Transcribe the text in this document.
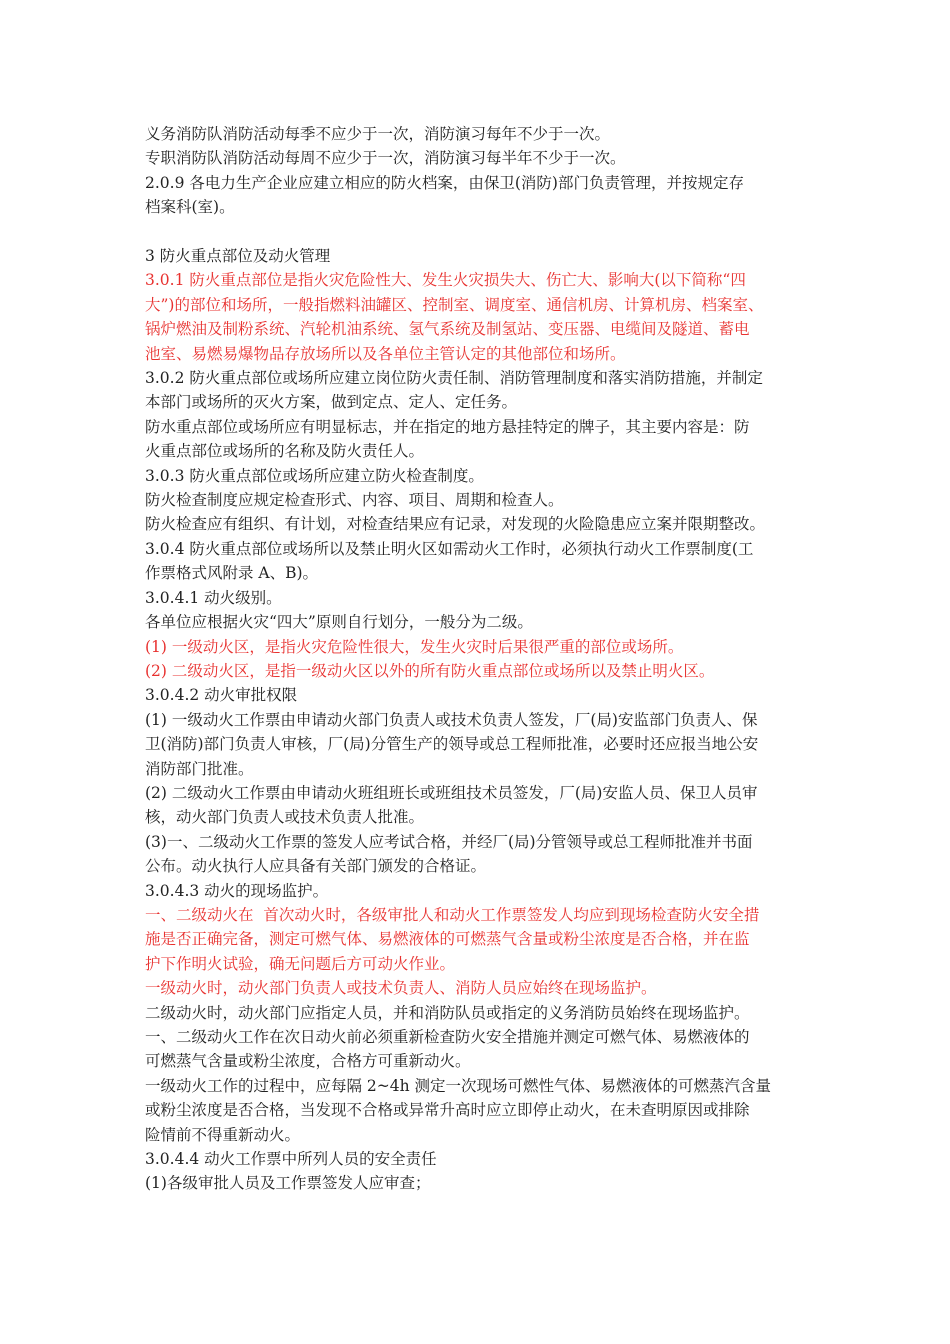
义务消防队消防活动每季不应少于一次，消防演习每年不少于一次。
专职消防队消防活动每周不应少于一次，消防演习每半年不少于一次。
2.0.9 各电力生产企业应建立相应的防火档案，由保卫(消防)部门负责管理，并按规定存
档案科(室)。
3 防火重点部位及动火管理
3.0.1 防火重点部位是指火灾危险性大、发生火灾损失大、伤亡大、影响大(以下简称“四
大”)的部位和场所，一般指燃料油罐区、控制室、调度室、通信机房、计算机房、档案室、
锅炉燃油及制粉系统、汽轮机油系统、氢气系统及制氢站、变压器、电缆间及隧道、蓄电
池室、易燃易爆物品存放场所以及各单位主管认定的其他部位和场所。
3.0.2 防火重点部位或场所应建立岗位防火责任制、消防管理制度和落实消防措施，并制定
本部门或场所的灭火方案，做到定点、定人、定任务。
防水重点部位或场所应有明显标志，并在指定的地方悬挂特定的牌子，其主要内容是：防
火重点部位或场所的名称及防火责任人。
3.0.3 防火重点部位或场所应建立防火检查制度。
防火检查制度应规定检查形式、内容、项目、周期和检查人。
防火检查应有组织、有计划，对检查结果应有记录，对发现的火险隐患应立案并限期整改。
3.0.4 防火重点部位或场所以及禁止明火区如需动火工作时，必须执行动火工作票制度(工
作票格式风附录 A、B)。
3.0.4.1 动火级别。
各单位应根据火灾“四大”原则自行划分，一般分为二级。
(1) 一级动火区，是指火灾危险性很大，发生火灾时后果很严重的部位或场所。
(2) 二级动火区，是指一级动火区以外的所有防火重点部位或场所以及禁止明火区。
3.0.4.2 动火审批权限
(1) 一级动火工作票由申请动火部门负责人或技术负责人签发，厂(局)安监部门负责人、保
卫(消防)部门负责人审核，厂(局)分管生产的领导或总工程师批准，必要时还应报当地公安
消防部门批准。
(2) 二级动火工作票由申请动火班组班长或班组技术员签发，厂(局)安监人员、保卫人员审
核，动火部门负责人或技术负责人批准。
(3)一、二级动火工作票的签发人应考试合格，并经厂(局)分管领导或总工程师批准并书面
公布。动火执行人应具备有关部门颁发的合格证。
3.0.4.3 动火的现场监护。
一、二级动火在  首次动火时，各级审批人和动火工作票签发人均应到现场检查防火安全措
施是否正确完备，测定可燃气体、易燃液体的可燃蒸气含量或粉尘浓度是否合格，并在监
护下作明火试验，确无问题后方可动火作业。
一级动火时，动火部门负责人或技术负责人、消防人员应始终在现场监护。
二级动火时，动火部门应指定人员，并和消防队员或指定的义务消防员始终在现场监护。
一、二级动火工作在次日动火前必须重新检查防火安全措施并测定可燃气体、易燃液体的
可燃蒸气含量或粉尘浓度，合格方可重新动火。
一级动火工作的过程中，应每隔 2~4h 测定一次现场可燃性气体、易燃液体的可燃蒸汽含量
或粉尘浓度是否合格，当发现不合格或异常升高时应立即停止动火，在未查明原因或排除
险情前不得重新动火。
3.0.4.4 动火工作票中所列人员的安全责任
(1)各级审批人员及工作票签发人应审查；
